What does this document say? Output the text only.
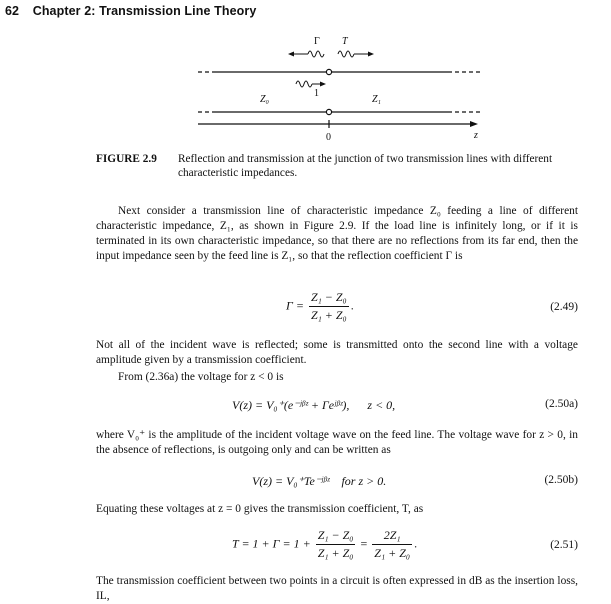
62 Chapter 2: Transmission Line Theory
Γ T
1
Z₀	Z₁
0	z
FIGURE 2.9 Reflection and transmission at the junction of two transmission lines with different characteristic impedances.
Next consider a transmission line of characteristic impedance Z₀ feeding a line of different characteristic impedance, Z₁, as shown in Figure 2.9. If the load line is infinitely long, or if it is terminated in its own characteristic impedance, so that there are no reflections from its far end, then the input impedance seen by the feed line is Z₁, so that the reflection coefficient Γ is
$\Gamma = \frac{\text{Z₁ − Z₀}}{\text{Z₁ + Z₀}}$ .	(2.49)
Not all of the incident wave is reflected; some is transmitted onto the second line with a voltage amplitude given by a transmission coefficient.
From (2.36a) the voltage for z < 0 is
V(z) = V₀⁺(e⁻ʲᵝᶻ + Γeʲᵝᶻ),      z < 0,	(2.50a)
where V₀⁺ is the amplitude of the incident voltage wave on the feed line. The voltage wave for z > 0, in the absence of reflections, is outgoing only and can be written as
V(z) = V₀⁺Te⁻ʲᵝᶻ    for z > 0.	(2.50b)
Equating these voltages at z = 0 gives the transmission coefficient, T, as
$T = 1 + \Gamma = 1 + \frac{\text{Z₁ − Z₀}}{\text{Z₁ + Z₀}} = \frac{\text{2Z₁}}{\text{Z₁ + Z₀}}$ .	(2.51)
The transmission coefficient between two points in a circuit is often expressed in dB as the insertion loss, IL,
